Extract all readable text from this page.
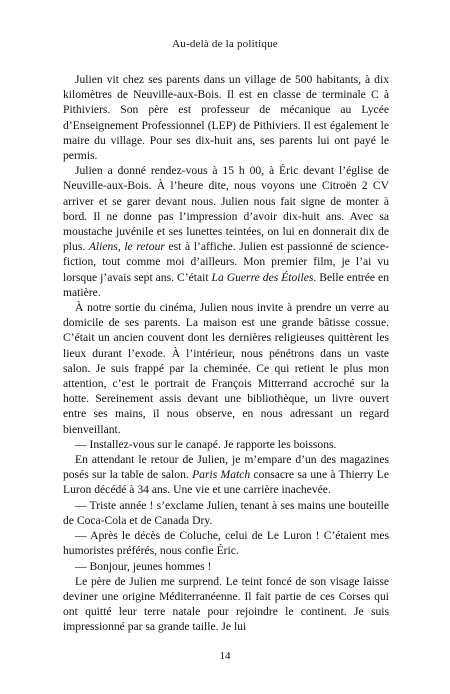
Au-delà de la politique

Julien vit chez ses parents dans un village de 500 habitants, à dix kilomètres de Neuville-aux-Bois. Il est en classe de terminale C à Pithiviers. Son père est professeur de mécanique au Lycée d’Enseignement Professionnel (LEP) de Pithiviers. Il est également le maire du village. Pour ses dix-huit ans, ses parents lui ont payé le permis.

Julien a donné rendez-vous à 15 h 00, à Éric devant l’église de Neuville-aux-Bois. À l’heure dite, nous voyons une Citroën 2 CV arriver et se garer devant nous. Julien nous fait signe de monter à bord. Il ne donne pas l’impression d’avoir dix-huit ans. Avec sa moustache juvénile et ses lunettes teintées, on lui en donnerait dix de plus. Aliens, le retour est à l’affiche. Julien est passionné de science-fiction, tout comme moi d’ailleurs. Mon premier film, je l’ai vu lorsque j’avais sept ans. C’était La Guerre des Étoiles. Belle entrée en matière.

À notre sortie du cinéma, Julien nous invite à prendre un verre au domicile de ses parents. La maison est une grande bâtisse cossue. C’était un ancien couvent dont les dernières religieuses quittèrent les lieux durant l’exode. À l’intérieur, nous pénétrons dans un vaste salon. Je suis frappé par la cheminée. Ce qui retient le plus mon attention, c’est le portrait de François Mitterrand accroché sur la hotte. Sereinement assis devant une bibliothèque, un livre ouvert entre ses mains, il nous observe, en nous adressant un regard bienveillant.

— Installez-vous sur le canapé. Je rapporte les boissons.

En attendant le retour de Julien, je m’empare d’un des magazines posés sur la table de salon. Paris Match consacre sa une à Thierry Le Luron décédé à 34 ans. Une vie et une carrière inachevée.

— Triste année ! s’exclame Julien, tenant à ses mains une bouteille de Coca-Cola et de Canada Dry.

— Après le décès de Coluche, celui de Le Luron ! C’étaient mes humoristes préférés, nous confie Éric.

— Bonjour, jeunes hommes !

Le père de Julien me surprend. Le teint foncé de son visage laisse deviner une origine Méditerranéenne. Il fait partie de ces Corses qui ont quitté leur terre natale pour rejoindre le continent. Je suis impressionné par sa grande taille. Je lui

14
